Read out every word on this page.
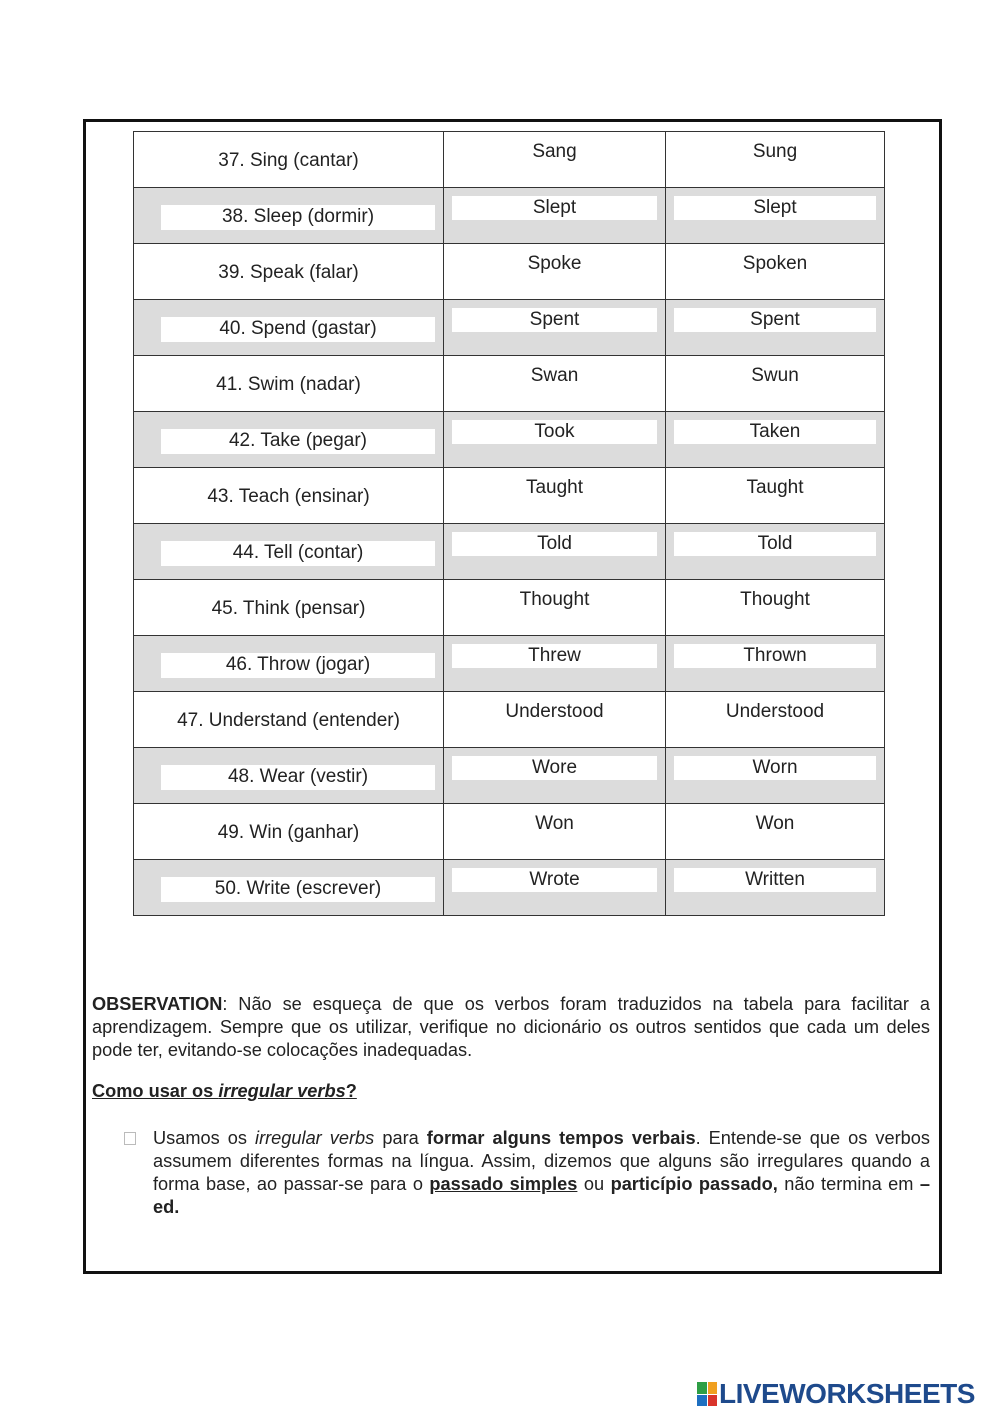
37. Sing (cantar)	Sang	Sung

38. Sleep (dormir)	Slept	Slept

39. Speak (falar)	Spoke	Spoken

40. Spend (gastar)	Spent	Spent

41. Swim (nadar)	Swan	Swun

42. Take (pegar)	Took	Taken

43. Teach (ensinar)	Taught	Taught

44. Tell (contar)	Told	Told

45. Think (pensar)	Thought	Thought

46. Throw (jogar)	Threw	Thrown

47. Understand (entender)	Understood	Understood

48. Wear (vestir)	Wore	Worn

49. Win (ganhar)	Won	Won

50. Write (escrever)	Wrote	Written
OBSERVATION: Não se esqueça de que os verbos foram traduzidos na tabela para facilitar a aprendizagem. Sempre que os utilizar, verifique no dicionário os outros sentidos que cada um deles pode ter, evitando-se colocações inadequadas.
Como usar os irregular verbs?
Usamos os irregular verbs para formar alguns tempos verbais. Entende-se que os verbos assumem diferentes formas na língua. Assim, dizemos que alguns são irregulares quando a forma base, ao passar-se para o passado simples ou particípio passado, não termina em –ed.
LIVEWORKSHEETS
